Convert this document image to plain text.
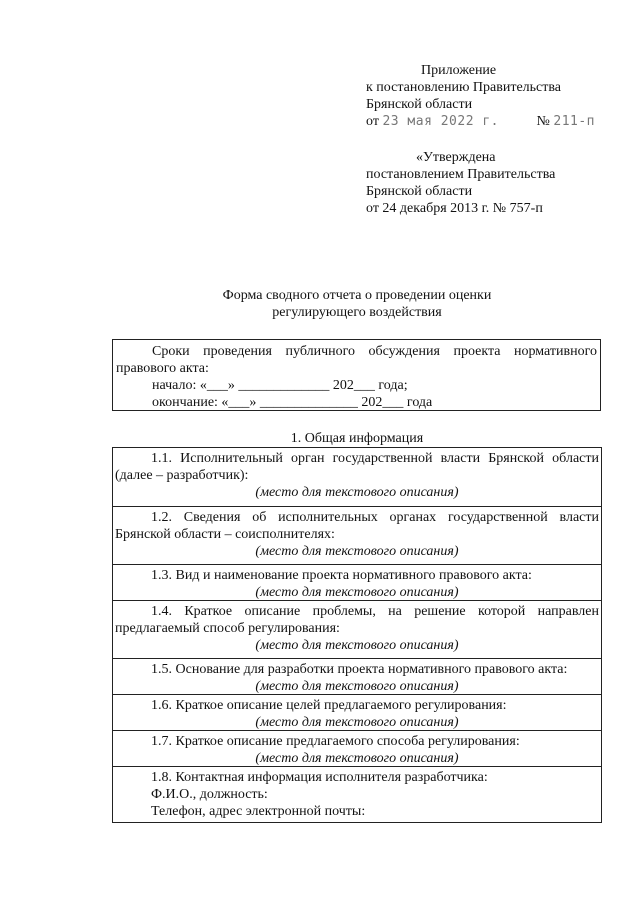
Приложение
к постановлению Правительства
Брянской области
от 23 мая 2022 г.	№ 211-п
«Утверждена
постановлением Правительства
Брянской области
от 24 декабря 2013 г. № 757-п
Форма сводного отчета о проведении оценки
регулирующего воздействия
Сроки проведения публичного обсуждения проекта нормативного
правового акта:
начало: «___» _____________ 202___ года;
окончание: «___» ______________ 202___ года
1. Общая информация
1.1. Исполнительный орган государственной власти Брянской области
(далее – разработчик):
(место для текстового описания)
1.2. Сведения об исполнительных органах государственной власти
Брянской области – соисполнителях:
(место для текстового описания)
1.3. Вид и наименование проекта нормативного правового акта:
(место для текстового описания)
1.4. Краткое описание проблемы, на решение которой направлен
предлагаемый способ регулирования:
(место для текстового описания)
1.5. Основание для разработки проекта нормативного правового акта:
(место для текстового описания)
1.6. Краткое описание целей предлагаемого регулирования:
(место для текстового описания)
1.7. Краткое описание предлагаемого способа регулирования:
(место для текстового описания)
1.8. Контактная информация исполнителя разработчика:
Ф.И.О., должность:
Телефон, адрес электронной почты:
